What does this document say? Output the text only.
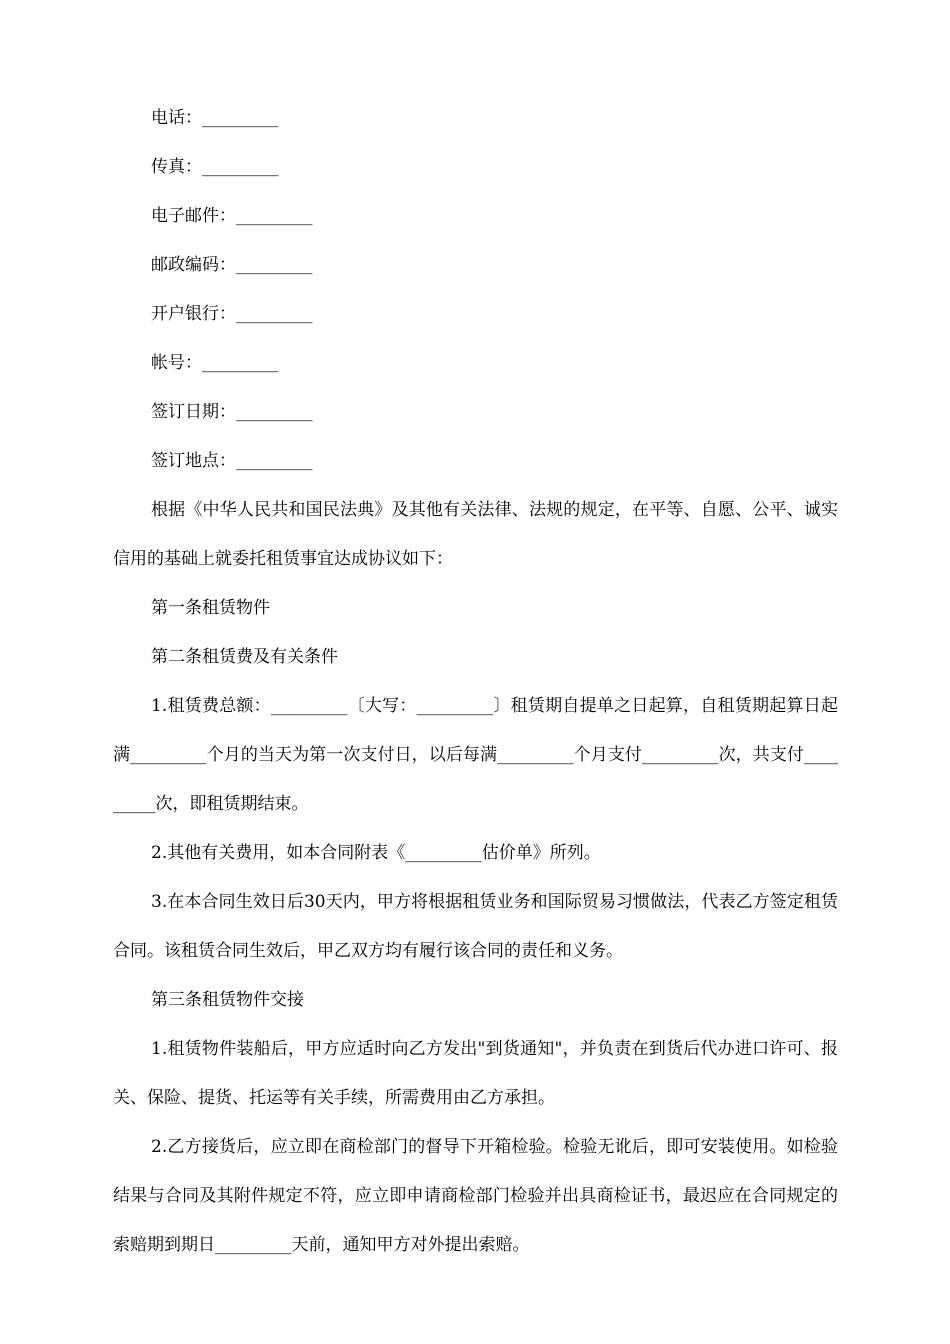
电话：_________

传真：_________

电子邮件：_________

邮政编码：_________

开户银行：_________

帐号：_________

签订日期：_________

签订地点：_________

根据《中华人民共和国民法典》及其他有关法律、法规的规定，在平等、自愿、公平、诚实信用的基础上就委托租赁事宜达成协议如下：

第一条租赁物件

第二条租赁费及有关条件

1.租赁费总额：_________〔大写：_________〕租赁期自提单之日起算，自租赁期起算日起满_________个月的当天为第一次支付日，以后每满_________个月支付_________次，共支付_________次，即租赁期结束。

2.其他有关费用，如本合同附表《_________估价单》所列。

3.在本合同生效日后30天内，甲方将根据租赁业务和国际贸易习惯做法，代表乙方签定租赁合同。该租赁合同生效后，甲乙双方均有履行该合同的责任和义务。

第三条租赁物件交接

1.租赁物件装船后，甲方应适时向乙方发出"到货通知"，并负责在到货后代办进口许可、报关、保险、提货、托运等有关手续，所需费用由乙方承担。

2.乙方接货后，应立即在商检部门的督导下开箱检验。检验无讹后，即可安装使用。如检验结果与合同及其附件规定不符，应立即申请商检部门检验并出具商检证书，最迟应在合同规定的索赔期到期日_________天前，通知甲方对外提出索赔。
